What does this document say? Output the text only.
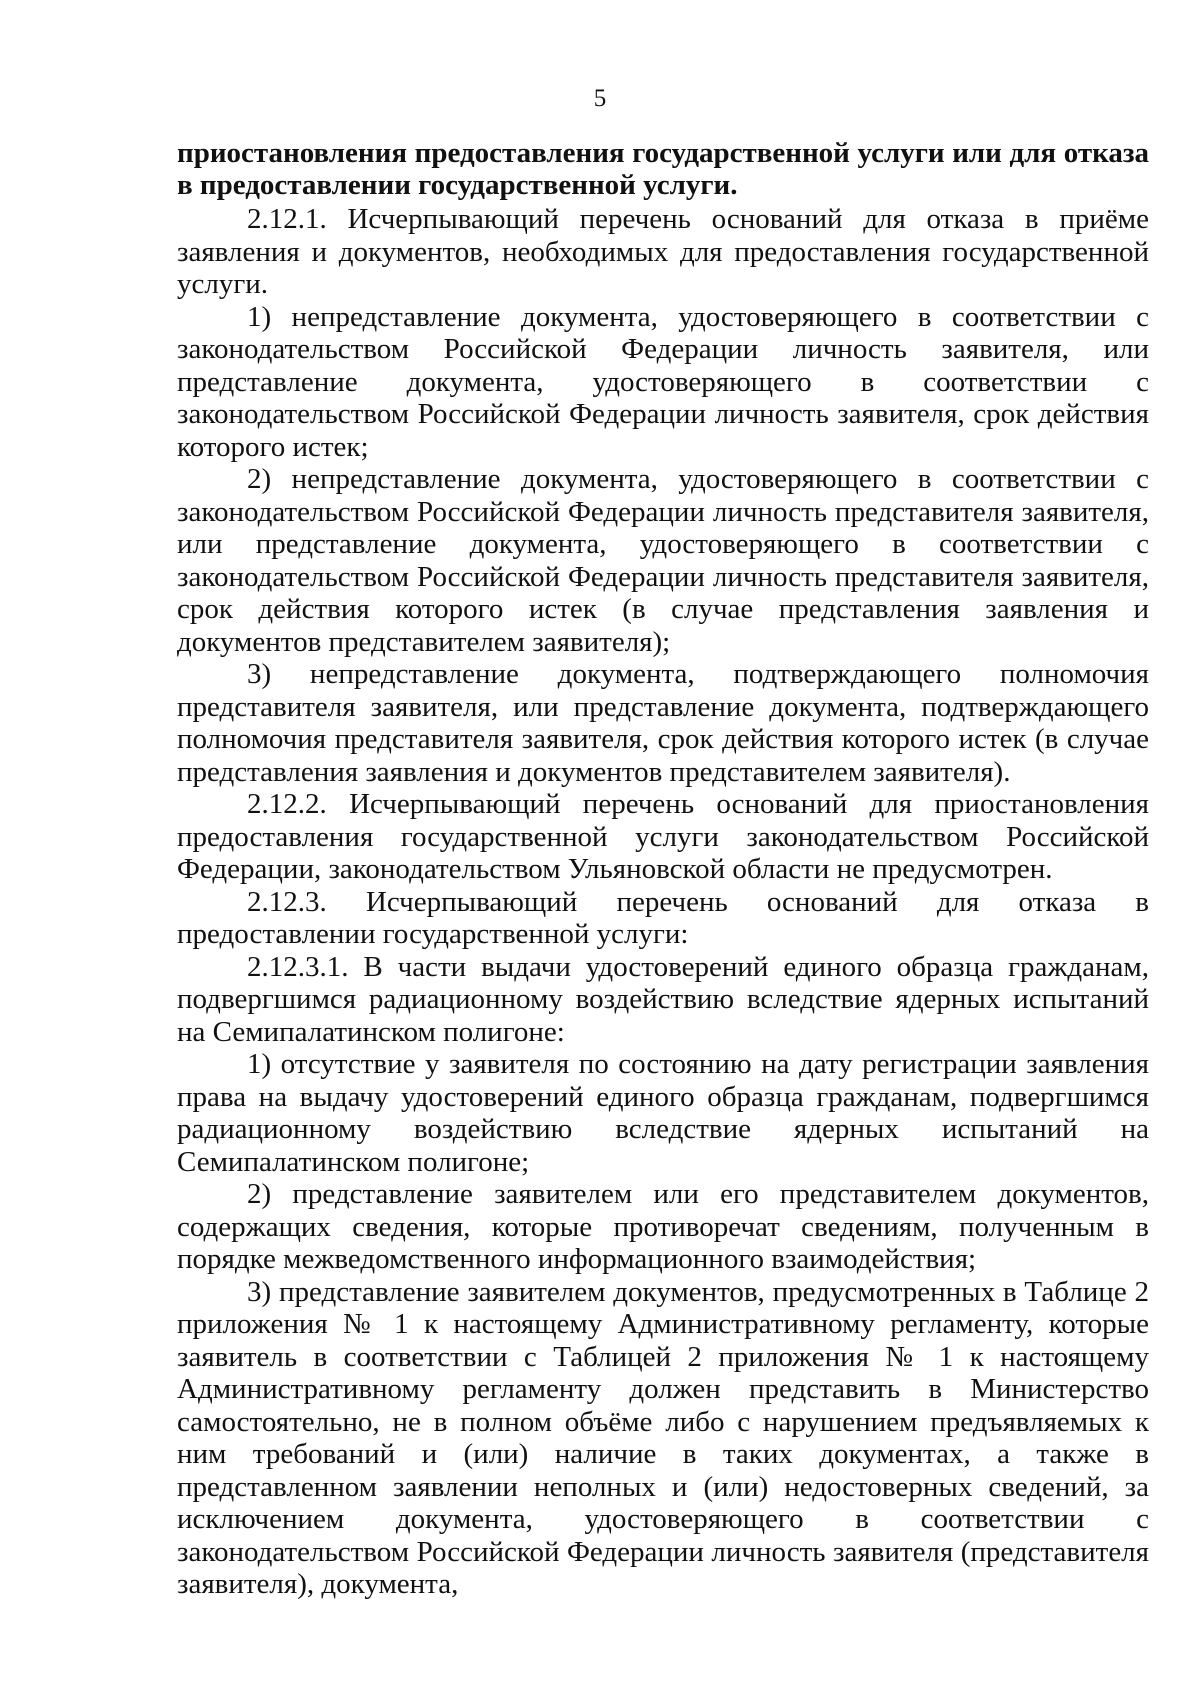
5

приостановления предоставления государственной услуги или для отказа в предоставлении государственной услуги.

2.12.1. Исчерпывающий перечень оснований для отказа в приёме заявления и документов, необходимых для предоставления государственной услуги.

1) непредставление документа, удостоверяющего в соответствии с законодательством Российской Федерации личность заявителя, или представление документа, удостоверяющего в соответствии с законодательством Российской Федерации личность заявителя, срок действия которого истек;

2) непредставление документа, удостоверяющего в соответствии с законодательством Российской Федерации личность представителя заявителя, или представление документа, удостоверяющего в соответствии с законодательством Российской Федерации личность представителя заявителя, срок действия которого истек (в случае представления заявления и документов представителем заявителя);

3) непредставление документа, подтверждающего полномочия представителя заявителя, или представление документа, подтверждающего полномочия представителя заявителя, срок действия которого истек (в случае представления заявления и документов представителем заявителя).

2.12.2. Исчерпывающий перечень оснований для приостановления предоставления государственной услуги законодательством Российской Федерации, законодательством Ульяновской области не предусмотрен.

2.12.3. Исчерпывающий перечень оснований для отказа в предоставлении государственной услуги:

2.12.3.1. В части выдачи удостоверений единого образца гражданам, подвергшимся радиационному воздействию вследствие ядерных испытаний на Семипалатинском полигоне:

1) отсутствие у заявителя по состоянию на дату регистрации заявления права на выдачу удостоверений единого образца гражданам, подвергшимся радиационному воздействию вследствие ядерных испытаний на Семипалатинском полигоне;

2) представление заявителем или его представителем документов, содержащих сведения, которые противоречат сведениям, полученным в порядке межведомственного информационного взаимодействия;

3) представление заявителем документов, предусмотренных в Таблице 2 приложения № 1 к настоящему Административному регламенту, которые заявитель в соответствии с Таблицей 2 приложения № 1 к настоящему Административному регламенту должен представить в Министерство самостоятельно, не в полном объёме либо с нарушением предъявляемых к ним требований и (или) наличие в таких документах, а также в представленном заявлении неполных и (или) недостоверных сведений, за исключением документа, удостоверяющего в соответствии с законодательством Российской Федерации личность заявителя (представителя заявителя), документа,
